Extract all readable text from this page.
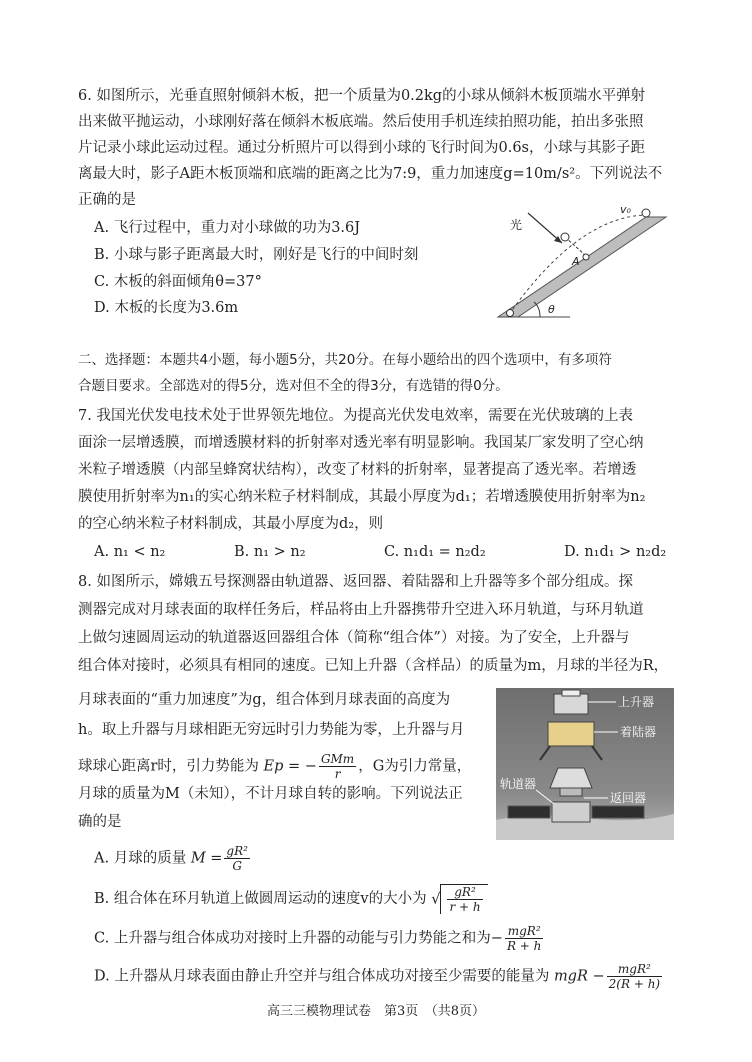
6. 如图所示，光垂直照射倾斜木板，把一个质量为0.2kg的小球从倾斜木板顶端水平弹射
出来做平抛运动，小球刚好落在倾斜木板底端。然后使用手机连续拍照功能，拍出多张照
片记录小球此运动过程。通过分析照片可以得到小球的飞行时间为0.6s，小球与其影子距
离最大时，影子A距木板顶端和底端的距离之比为7:9，重力加速度g=10m/s²。下列说法不
正确的是
A. 飞行过程中，重力对小球做的功为3.6J
B. 小球与影子距离最大时，刚好是飞行的中间时刻
C. 木板的斜面倾角θ=37°
D. 木板的长度为3.6m
光
v₀
A
θ
二、选择题：本题共4小题，每小题5分，共20分。在每小题给出的四个选项中，有多项符
合题目要求。全部选对的得5分，选对但不全的得3分，有选错的得0分。
7. 我国光伏发电技术处于世界领先地位。为提高光伏发电效率，需要在光伏玻璃的上表
面涂一层增透膜，而增透膜材料的折射率对透光率有明显影响。我国某厂家发明了空心纳
米粒子增透膜（内部呈蜂窝状结构），改变了材料的折射率，显著提高了透光率。若增透
膜使用折射率为n₁的实心纳米粒子材料制成，其最小厚度为d₁；若增透膜使用折射率为n₂
的空心纳米粒子材料制成，其最小厚度为d₂，则
A. n₁ < n₂	B. n₁ > n₂	C. n₁d₁ = n₂d₂	D. n₁d₁ > n₂d₂
8. 如图所示，嫦娥五号探测器由轨道器、返回器、着陆器和上升器等多个部分组成。探
测器完成对月球表面的取样任务后，样品将由上升器携带升空进入环月轨道，与环月轨道
上做匀速圆周运动的轨道器返回器组合体（简称“组合体”）对接。为了安全，上升器与
组合体对接时，必须具有相同的速度。已知上升器（含样品）的质量为m，月球的半径为R，
月球表面的“重力加速度”为g，组合体到月球表面的高度为
h。取上升器与月球相距无穷远时引力势能为零，上升器与月
球球心距离r时，引力势能为 Ep = − $\frac{\text{GMm}}{r}$ ，G为引力常量，
月球的质量为M（未知），不计月球自转的影响。下列说法正
确的是
上升器
着陆器
轨道器
返回器
A. 月球的质量 $M = \frac{\text{gR²}}{G}$
B. 组合体在环月轨道上做圆周运动的速度v的大小为 √ $\frac{\text{gR²}}{r + h}$
C. 上升器与组合体成功对接时上升器的动能与引力势能之和为− $\frac{\text{mgR²}}{R + h}$
D. 上升器从月球表面由静止升空并与组合体成功对接至少需要的能量为 mgR − $\frac{\text{mgR²}}{2(R + h)}$
高三三模物理试卷　第3页　（共8页）
